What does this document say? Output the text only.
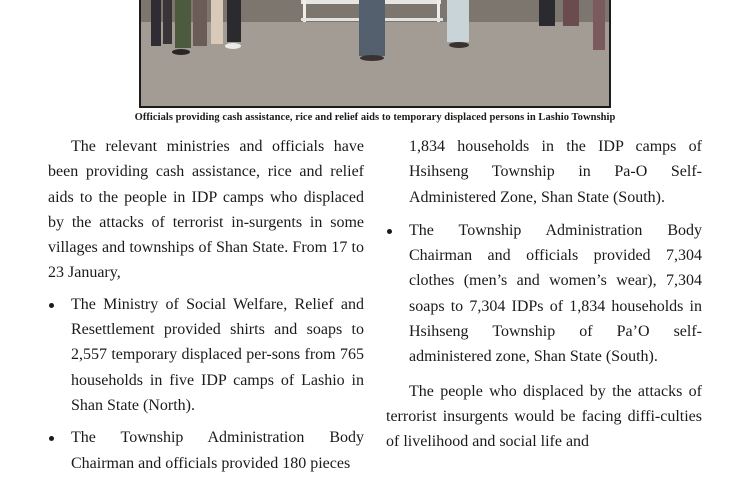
Officials providing cash assistance, rice and relief aids to temporary displaced persons in Lashio Township

The relevant ministries and officials have been providing cash assistance, rice and relief aids to the people in IDP camps who displaced by the attacks of terrorist in-surgents in some villages and townships of Shan State. From 17 to 23 January,

The Ministry of Social Welfare, Relief and Resettlement provided shirts and soaps to 2,557 temporary displaced per-sons from 765 households in five IDP camps of Lashio in Shan State (North).
The Township Administration Body Chairman and officials provided 180 pieces

1,834 households in the IDP camps of Hsihseng Township in Pa-O Self-Administered Zone, Shan State (South).

The Township Administration Body Chairman and officials provided 7,304 clothes (men’s and women’s wear), 7,304 soaps to 7,304 IDPs of 1,834 households in Hsihseng Township of Pa’O self-administered zone, Shan State (South).

The people who displaced by the attacks of terrorist insurgents would be facing diffi-culties of livelihood and social life and
